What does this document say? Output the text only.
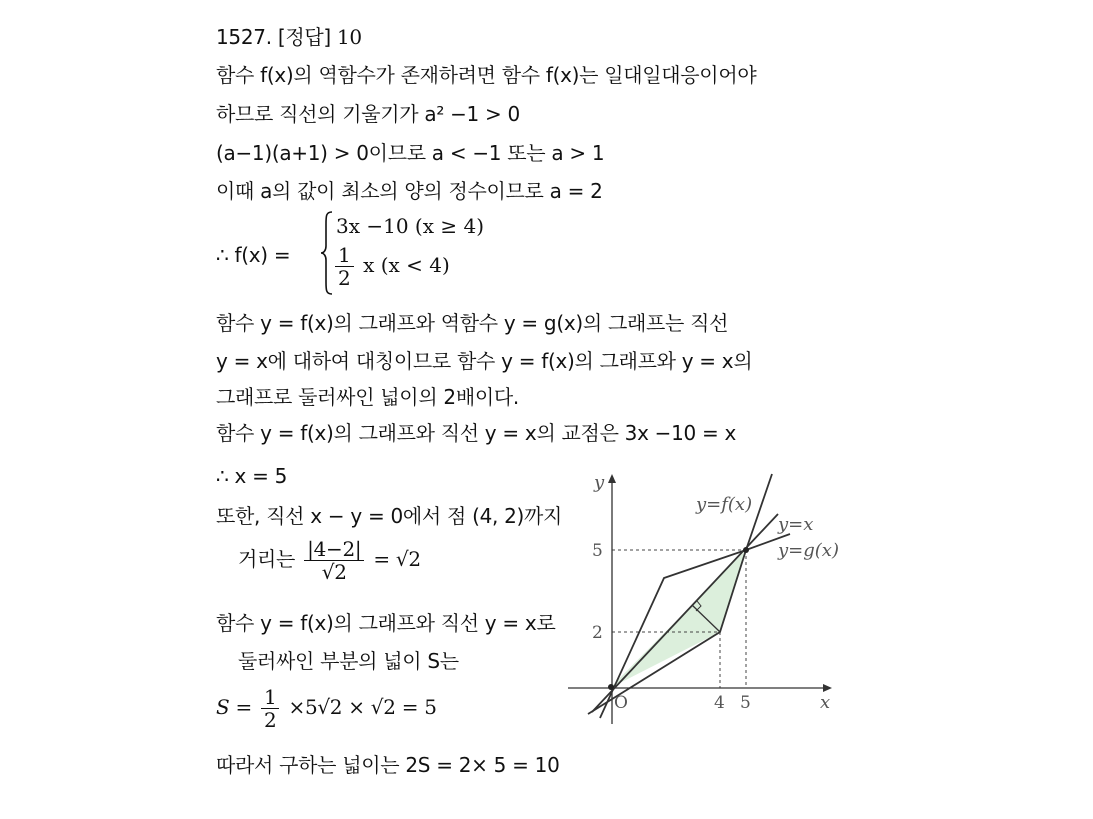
1527. [정답] 10
함수 f(x)의 역함수가 존재하려면 함수 f(x)는 일대일대응이어야
하므로 직선의 기울기가 a² −1 > 0
(a−1)(a+1) > 0이므로 a < −1 또는 a > 1
이때 a의 값이 최소의 양의 정수이므로 a = 2
∴ f(x) =
3x −10 (x ≥ 4)
$\frac{1}{2}$ x (x < 4)
함수 y = f(x)의 그래프와 역함수 y = g(x)의 그래프는 직선
y = x에 대하여 대칭이므로 함수 y = f(x)의 그래프와 y = x의
그래프로 둘러싸인 넓이의 2배이다.
함수 y = f(x)의 그래프와 직선 y = x의 교점은 3x −10 = x
∴ x = 5
또한, 직선 x − y = 0에서 점 (4, 2)까지
거리는 $\frac{|4-2|}{√2} = √2$
함수 y = f(x)의 그래프와 직선 y = x로
둘러싸인 부분의 넓이 S는
$S = \frac{1}{2} \times 5√2 \times √2 = 5$
따라서 구하는 넓이는 2S = 2× 5 = 10
y
x
O	4 5
2
5
y=f(x)
y=x
y=g(x)
